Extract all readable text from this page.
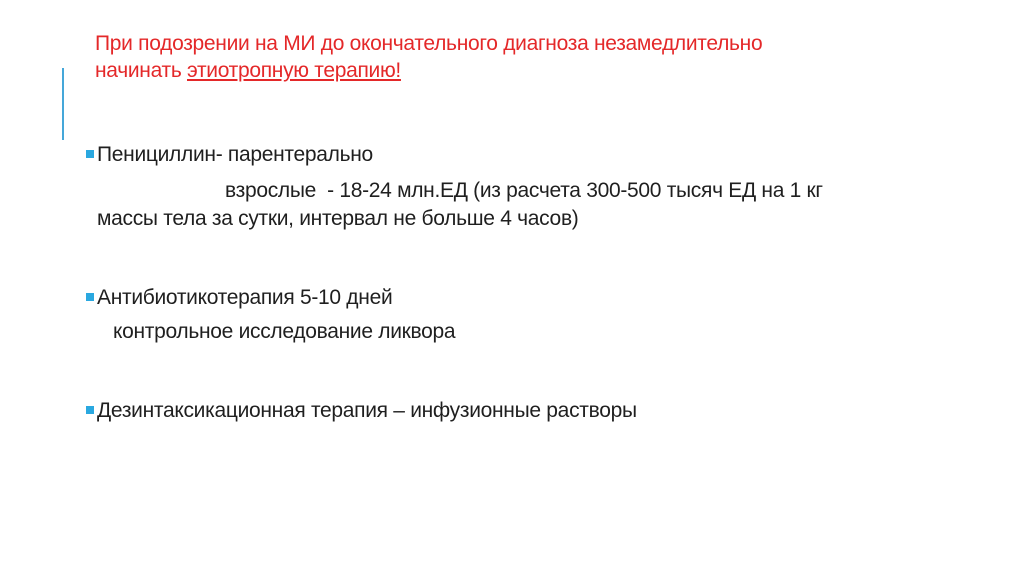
При подозрении на МИ до окончательного диагноза незамедлительно
начинать этиотропную терапию!
Пенициллин- парентерально
взрослые  - 18-24 млн.ЕД (из расчета 300-500 тысяч ЕД на 1 кг
массы тела за сутки, интервал не больше 4 часов)
Антибиотикотерапия 5-10 дней
контрольное исследование ликвора
Дезинтаксикационная терапия – инфузионные растворы
